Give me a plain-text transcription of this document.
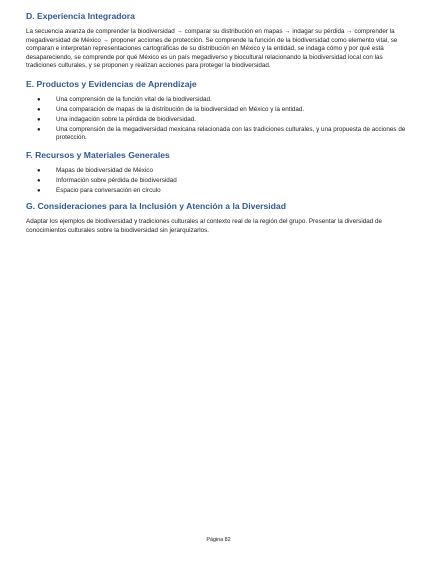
D. Experiencia Integradora

La secuencia avanza de comprender la biodiversidad → comparar su distribución en mapas → indagar su pérdida → comprender la megadiversidad de México → proponer acciones de protección. Se comprende la función de la biodiversidad como elemento vital, se comparan e interpretan representaciones cartográficas de su distribución en México y la entidad, se indaga cómo y por qué está desapareciendo, se comprende por qué México es un país megadiverso y biocultural relacionando la biodiversidad local con las tradiciones culturales, y se proponen y realizan acciones para proteger la biodiversidad.

E. Productos y Evidencias de Aprendizaje
● Una comprensión de la función vital de la biodiversidad.
● Una comparación de mapas de la distribución de la biodiversidad en México y la entidad.
● Una indagación sobre la pérdida de biodiversidad.
● Una comprensión de la megadiversidad mexicana relacionada con las tradiciones culturales, y una propuesta de acciones de protección.
F. Recursos y Materiales Generales
● Mapas de biodiversidad de México
● Información sobre pérdida de biodiversidad
● Espacio para conversación en círculo
G. Consideraciones para la Inclusión y Atención a la Diversidad

Adaptar los ejemplos de biodiversidad y tradiciones culturales al contexto real de la región del grupo. Presentar la diversidad de conocimientos culturales sobre la biodiversidad sin jerarquizarlos.

Página 82
